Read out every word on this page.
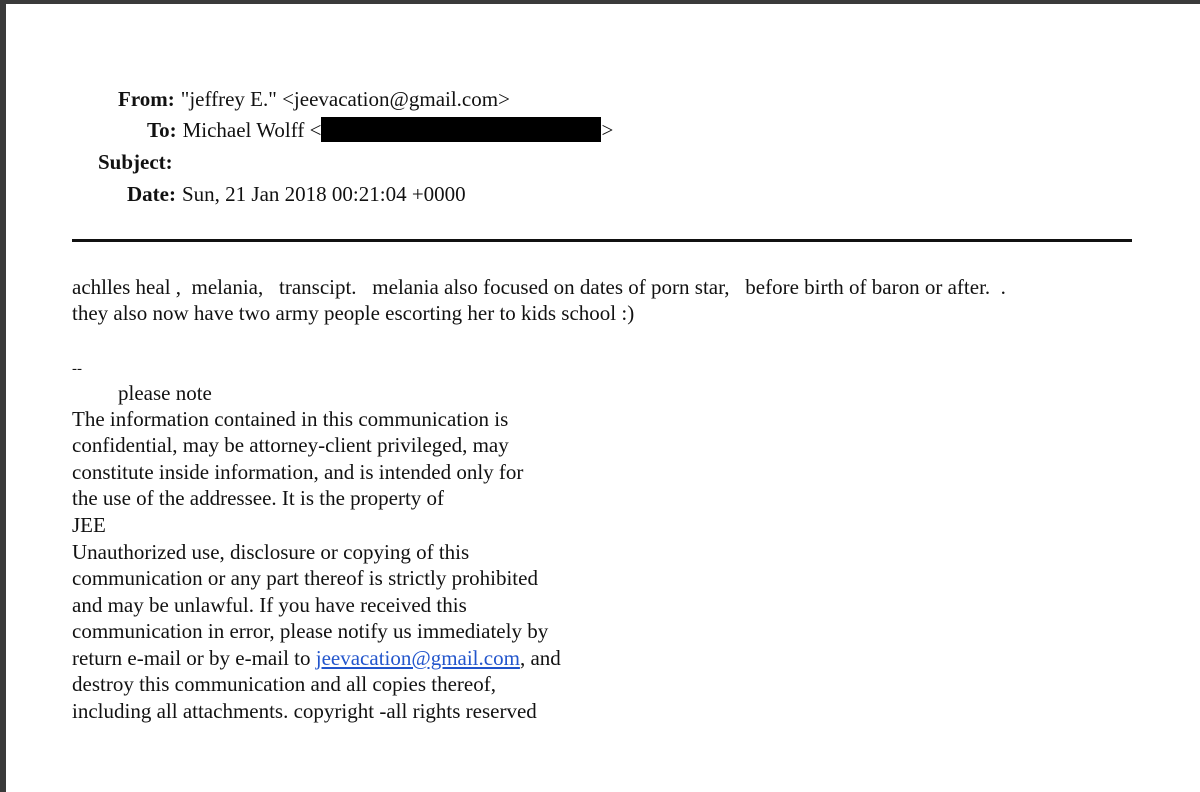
From: "jeffrey E." <jeevacation@gmail.com>
To: Michael Wolff <	>
Subject:
Date: Sun, 21 Jan 2018 00:21:04 +0000
achlles heal ,  melania,   transcipt.   melania also focused on dates of porn star,   before birth of baron or after.  .
they also now have two army people escorting her to kids school :)
--
please note
The information contained in this communication is
confidential, may be attorney-client privileged, may
constitute inside information, and is intended only for
the use of the addressee. It is the property of
JEE
Unauthorized use, disclosure or copying of this
communication or any part thereof is strictly prohibited
and may be unlawful. If you have received this
communication in error, please notify us immediately by
return e-mail or by e-mail to jeevacation@gmail.com, and
destroy this communication and all copies thereof,
including all attachments. copyright -all rights reserved
